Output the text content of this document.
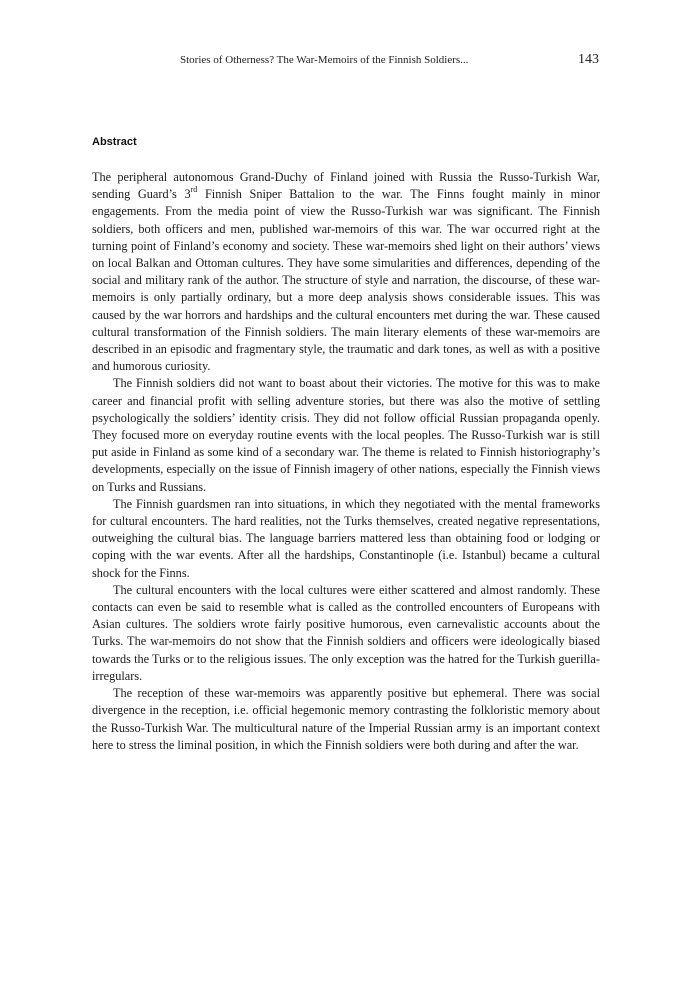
Stories of Otherness? The War-Memoirs of the Finnish Soldiers...	143
Abstract

The peripheral autonomous Grand-Duchy of Finland joined with Russia the Russo-Turkish War, sending Guard’s 3rd Finnish Sniper Battalion to the war. The Finns fought mainly in minor engagements. From the media point of view the Russo-Turkish war was significant. The Finnish soldiers, both officers and men, published war-memoirs of this war. The war occurred right at the turning point of Finland’s economy and society. These war-memoirs shed light on their authors’ views on local Balkan and Ottoman cultures. They have some simularities and differences, depending of the social and military rank of the author. The structure of style and narration, the discourse, of these war-memoirs is only partially ordinary, but a more deep analysis shows considerable issues. This was caused by the war horrors and hardships and the cultural encounters met during the war. These caused cultural transformation of the Finnish soldiers. The main literary elements of these war-memoirs are described in an episodic and fragmentary style, the traumatic and dark tones, as well as with a positive and humorous curiosity.

The Finnish soldiers did not want to boast about their victories. The motive for this was to make career and financial profit with selling adventure stories, but there was also the motive of settling psychologically the soldiers’ identity crisis. They did not follow official Russian propaganda openly. They focused more on everyday routine events with the local peoples. The Russo-Turkish war is still put aside in Finland as some kind of a secondary war. The theme is related to Finnish historiography’s developments, especially on the issue of Finnish imagery of other nations, especially the Finnish views on Turks and Russians.

The Finnish guardsmen ran into situations, in which they negotiated with the mental frameworks for cultural encounters. The hard realities, not the Turks themselves, created negative representations, outweighing the cultural bias. The language barriers mattered less than obtaining food or lodging or coping with the war events. After all the hardships, Constantinople (i.e. Istanbul) became a cultural shock for the Finns.

The cultural encounters with the local cultures were either scattered and almost randomly. These contacts can even be said to resemble what is called as the controlled encounters of Europeans with Asian cultures. The soldiers wrote fairly positive humorous, even carnevalistic accounts about the Turks. The war-memoirs do not show that the Finnish soldiers and officers were ideologically biased towards the Turks or to the religious issues. The only exception was the hatred for the Turkish guerilla-irregulars.

The reception of these war-memoirs was apparently positive but ephemeral. There was social divergence in the reception, i.e. official hegemonic memory contrasting the folkloristic memory about the Russo-Turkish War. The multicultural nature of the Imperial Russian army is an important context here to stress the liminal position, in which the Finnish soldiers were both during and after the war.
